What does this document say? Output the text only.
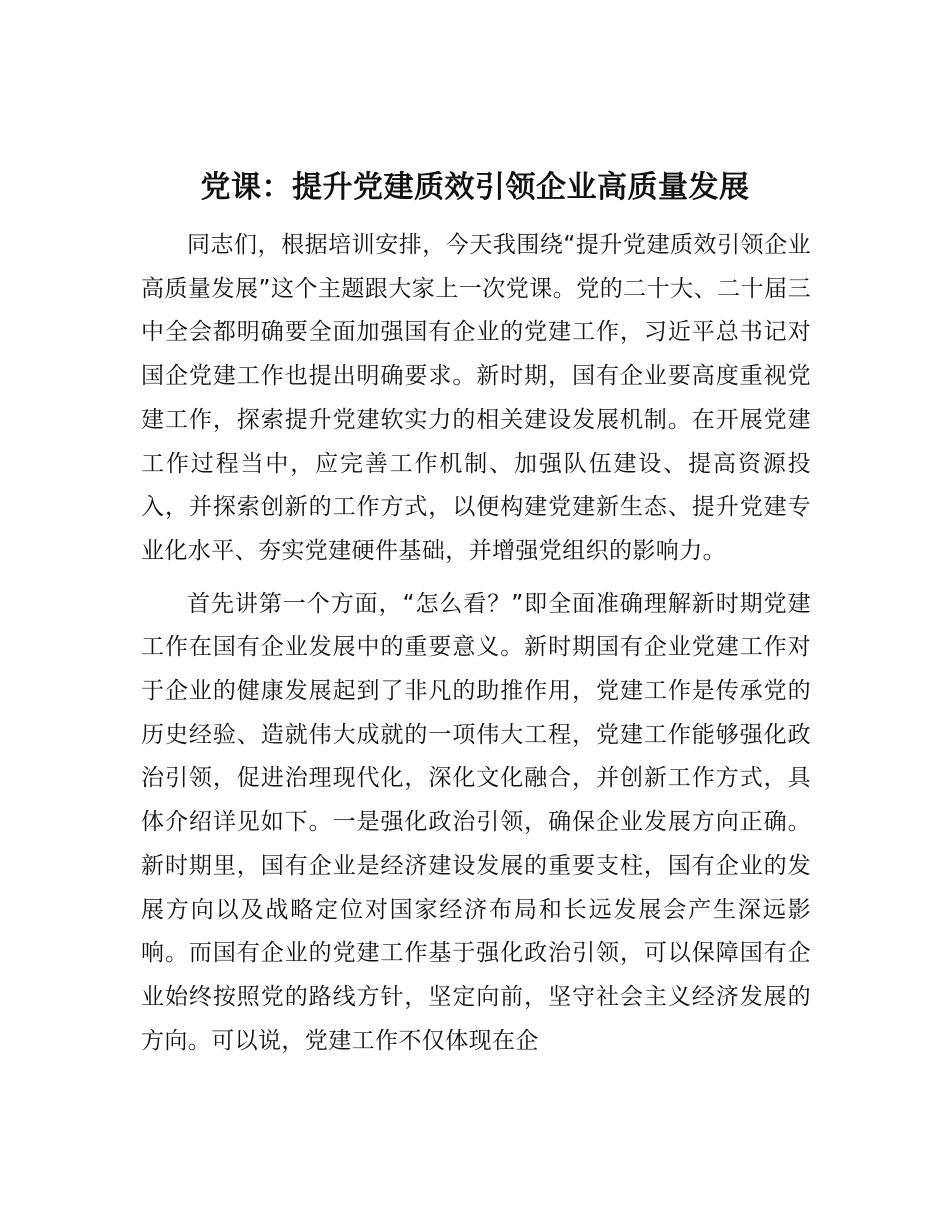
党课：提升党建质效引领企业高质量发展

同志们，根据培训安排，今天我围绕“提升党建质效引领企业高质量发展”这个主题跟大家上一次党课。党的二十大、二十届三中全会都明确要全面加强国有企业的党建工作，习近平总书记对国企党建工作也提出明确要求。新时期，国有企业要高度重视党建工作，探索提升党建软实力的相关建设发展机制。在开展党建工作过程当中，应完善工作机制、加强队伍建设、提高资源投入，并探索创新的工作方式，以便构建党建新生态、提升党建专业化水平、夯实党建硬件基础，并增强党组织的影响力。

首先讲第一个方面，“怎么看？”即全面准确理解新时期党建工作在国有企业发展中的重要意义。新时期国有企业党建工作对于企业的健康发展起到了非凡的助推作用，党建工作是传承党的历史经验、造就伟大成就的一项伟大工程，党建工作能够强化政治引领，促进治理现代化，深化文化融合，并创新工作方式，具体介绍详见如下。一是强化政治引领，确保企业发展方向正确。新时期里，国有企业是经济建设发展的重要支柱，国有企业的发展方向以及战略定位对国家经济布局和长远发展会产生深远影响。而国有企业的党建工作基于强化政治引领，可以保障国有企业始终按照党的路线方针，坚定向前，坚守社会主义经济发展的方向。可以说，党建工作不仅体现在企
